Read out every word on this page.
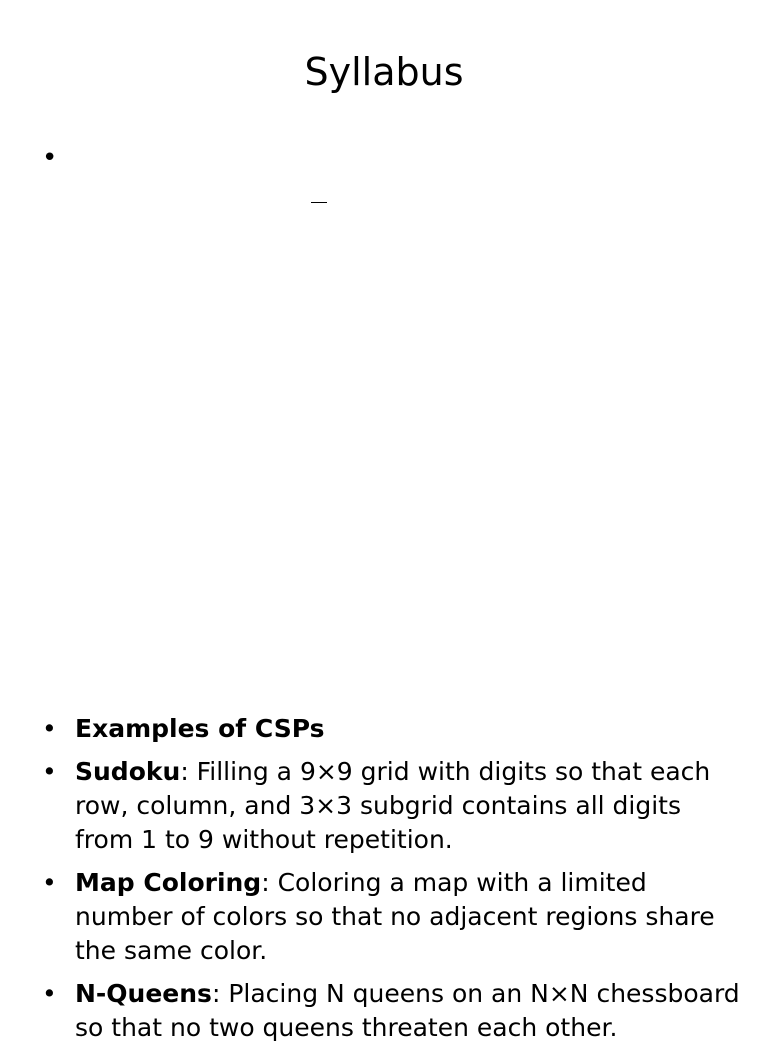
Syllabus
•
• Examples of CSPs
• Sudoku: Filling a 9×9 grid with digits so that each row, column, and 3×3 subgrid contains all digits from 1 to 9 without repetition.
• Map Coloring: Coloring a map with a limited number of colors so that no adjacent regions share the same color.
• N-Queens: Placing N queens on an N×N chessboard so that no two queens threaten each other.
